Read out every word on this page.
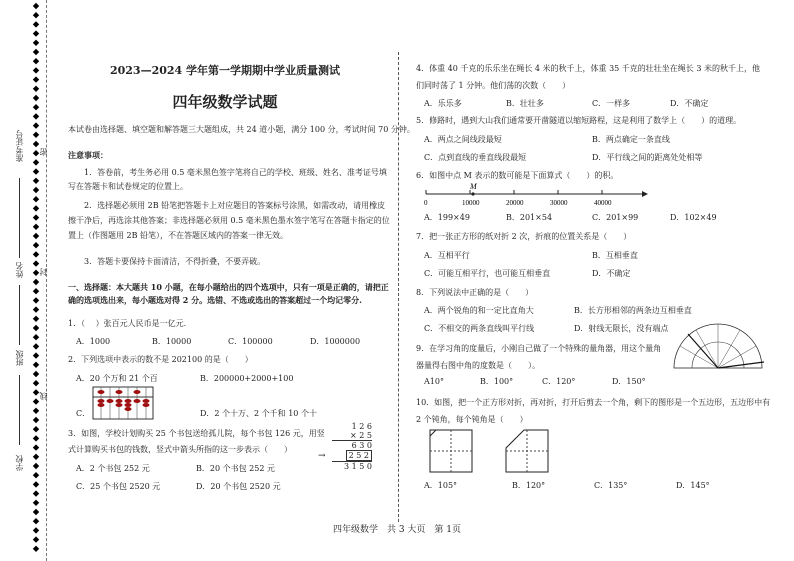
准考证号
姓名
班级
学校
密
封
线
2023—2024 学年第一学期期中学业质量测试
四年级数学试题
本试卷由选择题、填空题和解答题三大题组成，共 24 道小题，满分 100 分，考试时间 70 分钟。
注意事项：
1．答卷前，考生务必用 0.5 毫米黑色签字笔将自己的学校、班级、姓名、准考证号填写在答题卡和试卷规定的位置上。
2．选择题必须用 2B 铅笔把答题卡上对应题目的答案标号涂黑，如需改动，请用橡皮擦干净后，再选涂其他答案；非选择题必须用 0.5 毫米黑色墨水签字笔写在答题卡指定的位置上（作图题用 2B 铅笔），不在答题区域内的答案一律无效。
3．答题卡要保持卡面清洁，不得折叠，不要弄破。
一、选择题：本大题共 10 小题，在每小题给出的四个选项中，只有一项是正确的，请把正确的选项选出来，每小题选对得 2 分。选错、不选或选出的答案超过一个均记零分.
1．（　 ）张百元人民币是一亿元.
A．1000	B．10000	C．100000	D．1000000
2．下列选项中表示的数不是 202100 的是（　　）
A．20 个万和 21 个百	B．200000+2000+100
C．	D．2 个十万、2 个千和 10 个十
3．如图，学校计划购买 25 个书包送给孤儿院，每个书包 126 元，用竖式计算购买书包的钱数，竖式中箭头所指的这一步表示（　　）
A．2 个书包 252 元	B．20 个书包 252 元
C．25 个书包 2520 元	D．20 个书包 2520 元
1 2 6
× 2 5
6 3 0
2 5 2
3 1 5 0
→
4．体重 40 千克的乐乐坐在绳长 4 米的秋千上，体重 35 千克的壮壮坐在绳长 3 米的秋千上，他们同时荡了 1 分钟。他们荡的次数（　　）
A．乐乐多	B．壮壮多	C．一样多	D．不确定
5．修路时，遇到大山我们通常要开凿隧道以缩短路程，这是利用了数学上（　　）的道理。
A．两点之间线段最短	B．两点确定一条直线
C．点到直线的垂直线段最短	D．平行线之间的距离处处相等
6．如图中点 M 表示的数可能是下面算式（　　）的积。
M
0	10000	20000	30000	40000
A．199×49	B．201×54	C．201×99	D．102×49
7．把一张正方形的纸对折 2 次，折痕的位置关系是（　　）
A．互相平行	B．互相垂直
C．可能互相平行，也可能互相垂直	D．不确定
8．下列说法中正确的是（　　）
A．两个锐角的和一定比直角大	B．长方形相邻的两条边互相垂直
C．不相交的两条直线叫平行线	D．射线无限长，没有端点
9．在学习角的度量后，小刚自己做了一个特殊的量角器，用这个量角器量得右图中角的度数是（　　）。
A10°	B．100°	C．120°	D．150°
10．如图，把一个正方形对折，再对折，打开后剪去一个角，剩下的图形是一个五边形，五边形中有 2 个钝角，每个钝角是（　　）
A．105°	B．120°	C．135°	D．145°
四年级数学　共 3 大页　第 1页
